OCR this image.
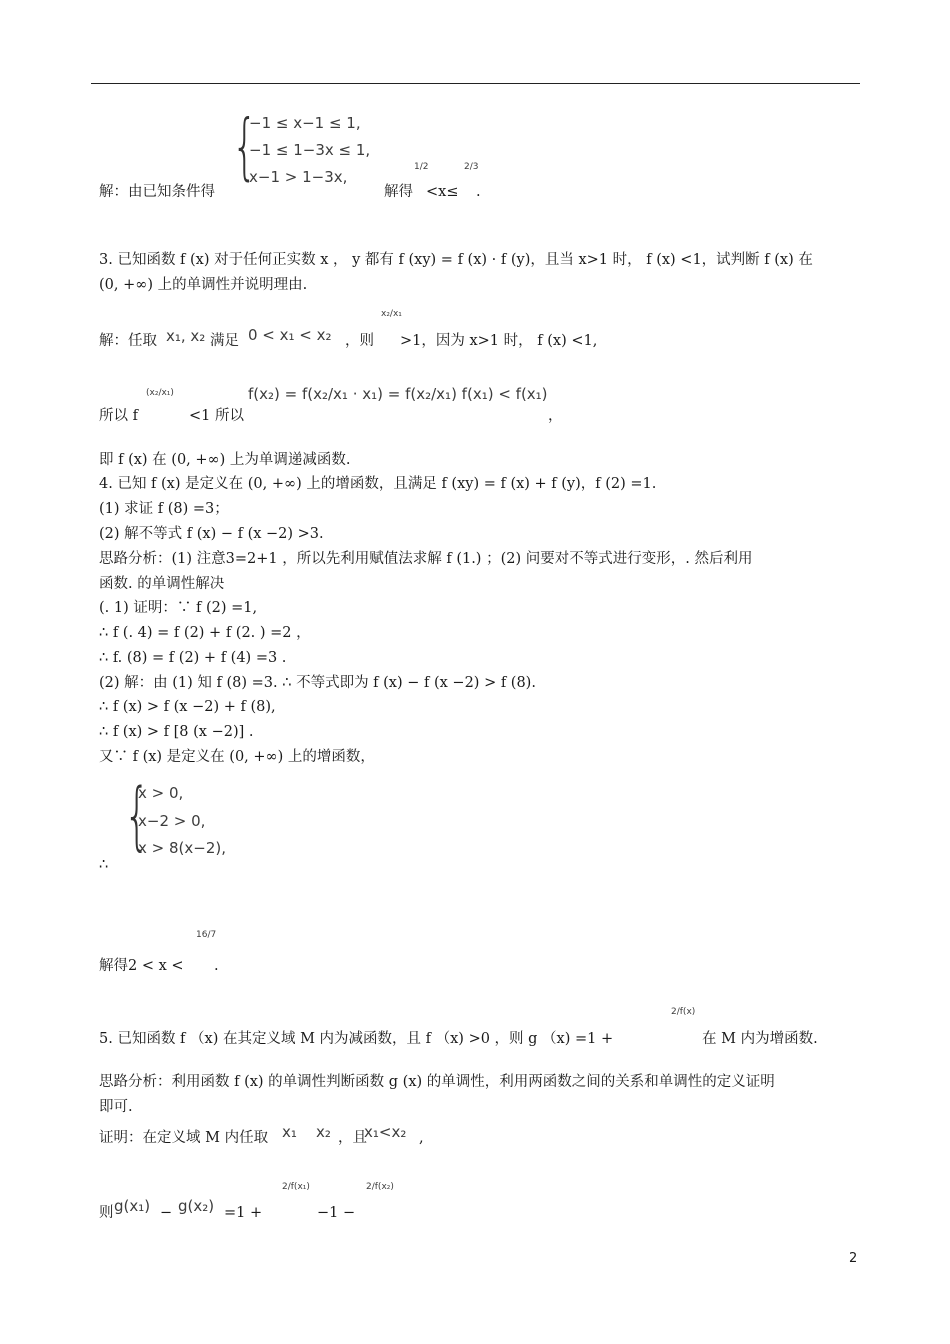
{
−1 ≤ x−1 ≤ 1,
−1 ≤ 1−3x ≤ 1,
x−1 > 1−3x,
解：由已知条件得	解得
1/2
<x≤
2/3
.
3. 已知函数 f (x) 对于任何正实数 x ， y 都有 f (xy) = f (x) · f (y)，且当 x>1 时， f (x) <1，试判断 f (x) 在
(0, +∞) 上的单调性并说明理由.
解：任取 x₁, x₂ 满足 0 < x₁ < x₂ ，则
x₂/x₁
>1，因为 x>1 时， f (x) <1,
所以 f
(x₂/x₁)
<1 所以
f(x₂) = f(x₂/x₁ · x₁) = f(x₂/x₁) f(x₁) < f(x₁)
，
即 f (x) 在 (0, +∞) 上为单调递减函数.
4. 已知 f (x) 是定义在 (0, +∞) 上的增函数，且满足 f (xy) = f (x) + f (y)，f (2) =1.
(1) 求证 f (8) =3；
(2) 解不等式 f (x) − f (x −2) >3.
思路分析：(1) 注意3=2+1 ，所以先利用赋值法求解 f (1.) ；(2) 问要对不等式进行变形，. 然后利用
函数. 的单调性解决
(. 1) 证明：∵ f (2) =1,
∴ f (. 4) = f (2) + f (2. ) =2 ，
∴ f. (8) = f (2) + f (4) =3 .
(2) 解：由 (1) 知 f (8) =3. ∴ 不等式即为 f (x) − f (x −2) > f (8).
∴ f (x) > f (x −2) + f (8),
∴ f (x) > f [8 (x −2)] .
又∵ f (x) 是定义在 (0, +∞) 上的增函数，
{
x > 0,
x−2 > 0,
x > 8(x−2),
∴
解得2 < x <
16/7
.
5. 已知函数 f （x) 在其定义域 M 内为减函数，且 f （x) >0 ，则 g （x) =1 +
2/f(x)
在 M 内为增函数.
思路分析：利用函数 f (x) 的单调性判断函数 g (x) 的单调性，利用两函数之间的关系和单调性的定义证明
即可.
证明：在定义域 M 内任取 x₁ x₂ ，且
x₁<x₂ ,
则 g(x₁) − g(x₂) =1 +
2/f(x₁)
−1 −
2/f(x₂)
2
